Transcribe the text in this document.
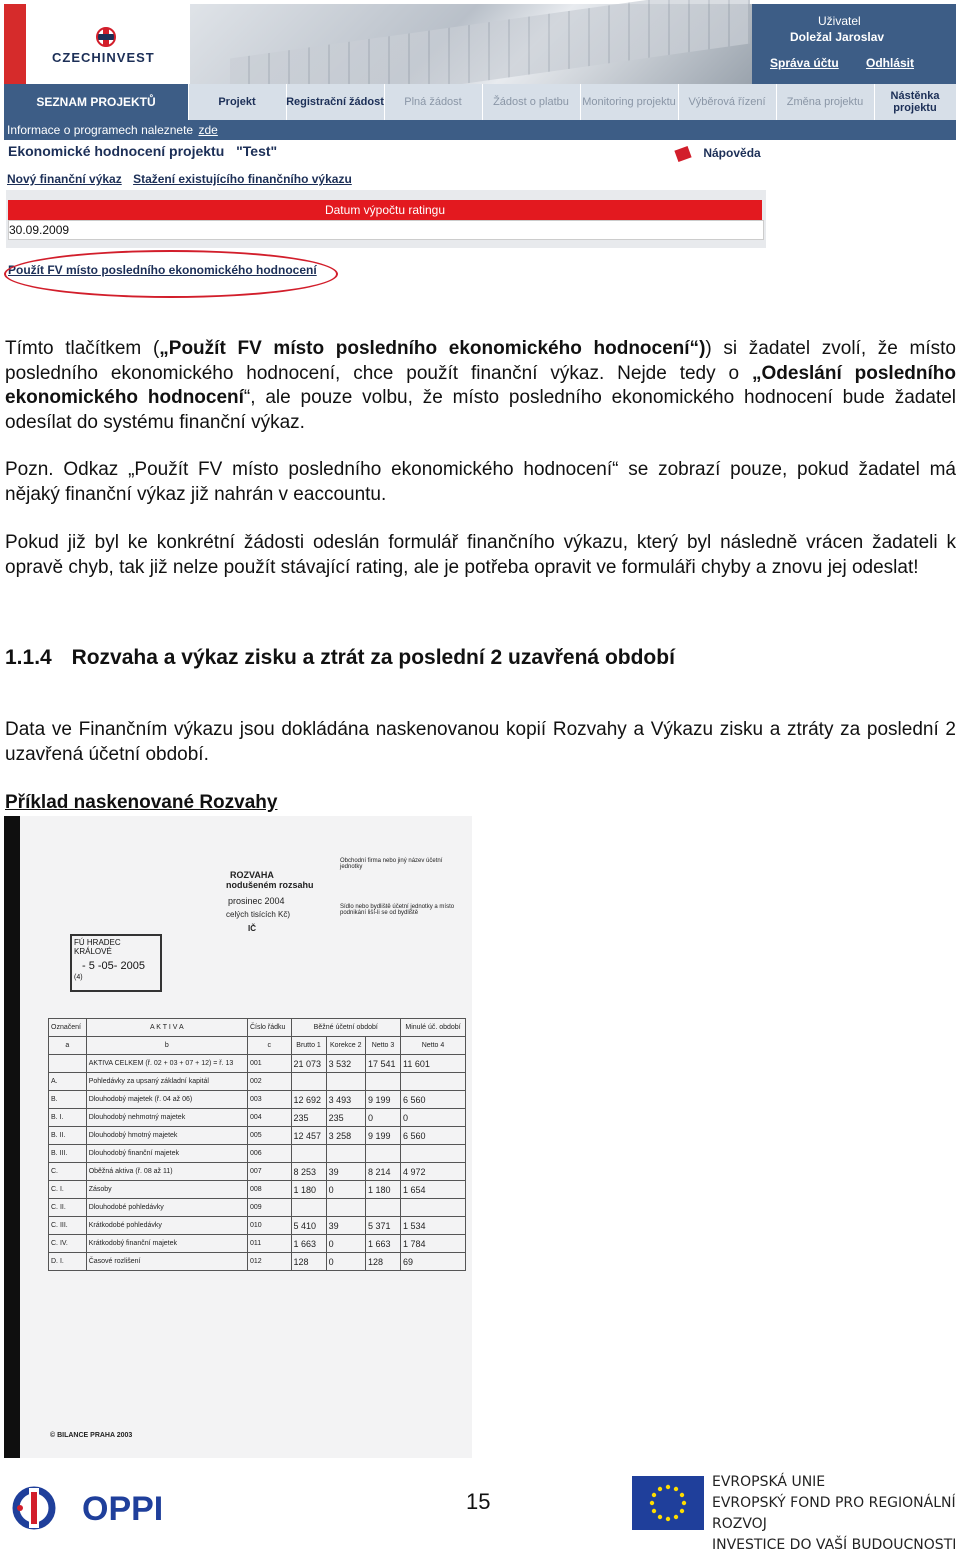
CZECHINVEST
Uživatel
Doležal Jaroslav
Správa účtu Odhlásit
SEZNAM PROJEKTŮ	Projekt	Registrační žádost	Plná žádost	Žádost o platbu	Monitoring projektu	Výběrová řízení	Změna projektu	Nástěnka projektu
Informace o programech naleznete zde
Ekonomické hodnocení projektu "Test"	Nápověda
Nový finanční výkaz Stažení existujícího finančního výkazu
Datum výpočtu ratingu
30.09.2009
Použít FV místo posledního ekonomického hodnocení
Tímto tlačítkem („Použít FV místo posledního ekonomického hodnocení“)) si žadatel zvolí, že místo posledního ekonomického hodnocení, chce použít finanční výkaz. Nejde tedy o „Odeslání posledního ekonomického hodnocení“, ale pouze volbu, že místo posledního ekonomického hodnocení bude žadatel odesílat do systému finanční výkaz.
Pozn. Odkaz „Použít FV místo posledního ekonomického hodnocení“ se zobrazí pouze, pokud žadatel má nějaký finanční výkaz již nahrán v eaccountu.
Pokud již byl ke konkrétní žádosti odeslán formulář finančního výkazu, který byl následně vrácen žadateli k opravě chyb, tak již nelze použít stávající rating, ale je potřeba opravit ve formuláři chyby a znovu jej odeslat!
1.1.4 Rozvaha a výkaz zisku a ztrát za poslední 2 uzavřená období
Data ve Finančním výkazu jsou dokládána naskenovanou kopií Rozvahy a Výkazu zisku a ztráty za poslední 2 uzavřená účetní období.
Příklad naskenované Rozvahy
ROZVAHA
nodušeném rozsahu
prosinec 2004
celých tisících Kč)
IČ
Obchodní firma nebo jiný název účetní jednotky
Sídlo nebo bydliště účetní jednotky a místo podnikání liší-li se od bydliště
FÚ HRADEC KRÁLOVÉ
- 5 -05- 2005
(4)
Označení	A K T I V A	Číslo řádku	Běžné účetní období			Minulé úč. období
a	b	c	Brutto 1	Korekce 2	Netto 3	Netto 4
	AKTIVA CELKEM (ř. 02 + 03 + 07 + 12) = ř. 13	001	21 073	3 532	17 541	11 601
A.	Pohledávky za upsaný základní kapitál	002				
B.	Dlouhodobý majetek (ř. 04 až 06)	003	12 692	3 493	9 199	6 560
B. I.	Dlouhodobý nehmotný majetek	004	235	235	0	0
B. II.	Dlouhodobý hmotný majetek	005	12 457	3 258	9 199	6 560
B. III.	Dlouhodobý finanční majetek	006				
C.	Oběžná aktiva (ř. 08 až 11)	007	8 253	39	8 214	4 972
C. I.	Zásoby	008	1 180	0	1 180	1 654
C. II.	Dlouhodobé pohledávky	009				
C. III.	Krátkodobé pohledávky	010	5 410	39	5 371	1 534
C. IV.	Krátkodobý finanční majetek	011	1 663	0	1 663	1 784
D. I.	Časové rozlišení	012	128	0	128	69
© BILANCE PRAHA 2003
OPPI	15
EVROPSKÁ UNIE
EVROPSKÝ FOND PRO REGIONÁLNÍ ROZVOJ
INVESTICE DO VAŠÍ BUDOUCNOSTI
